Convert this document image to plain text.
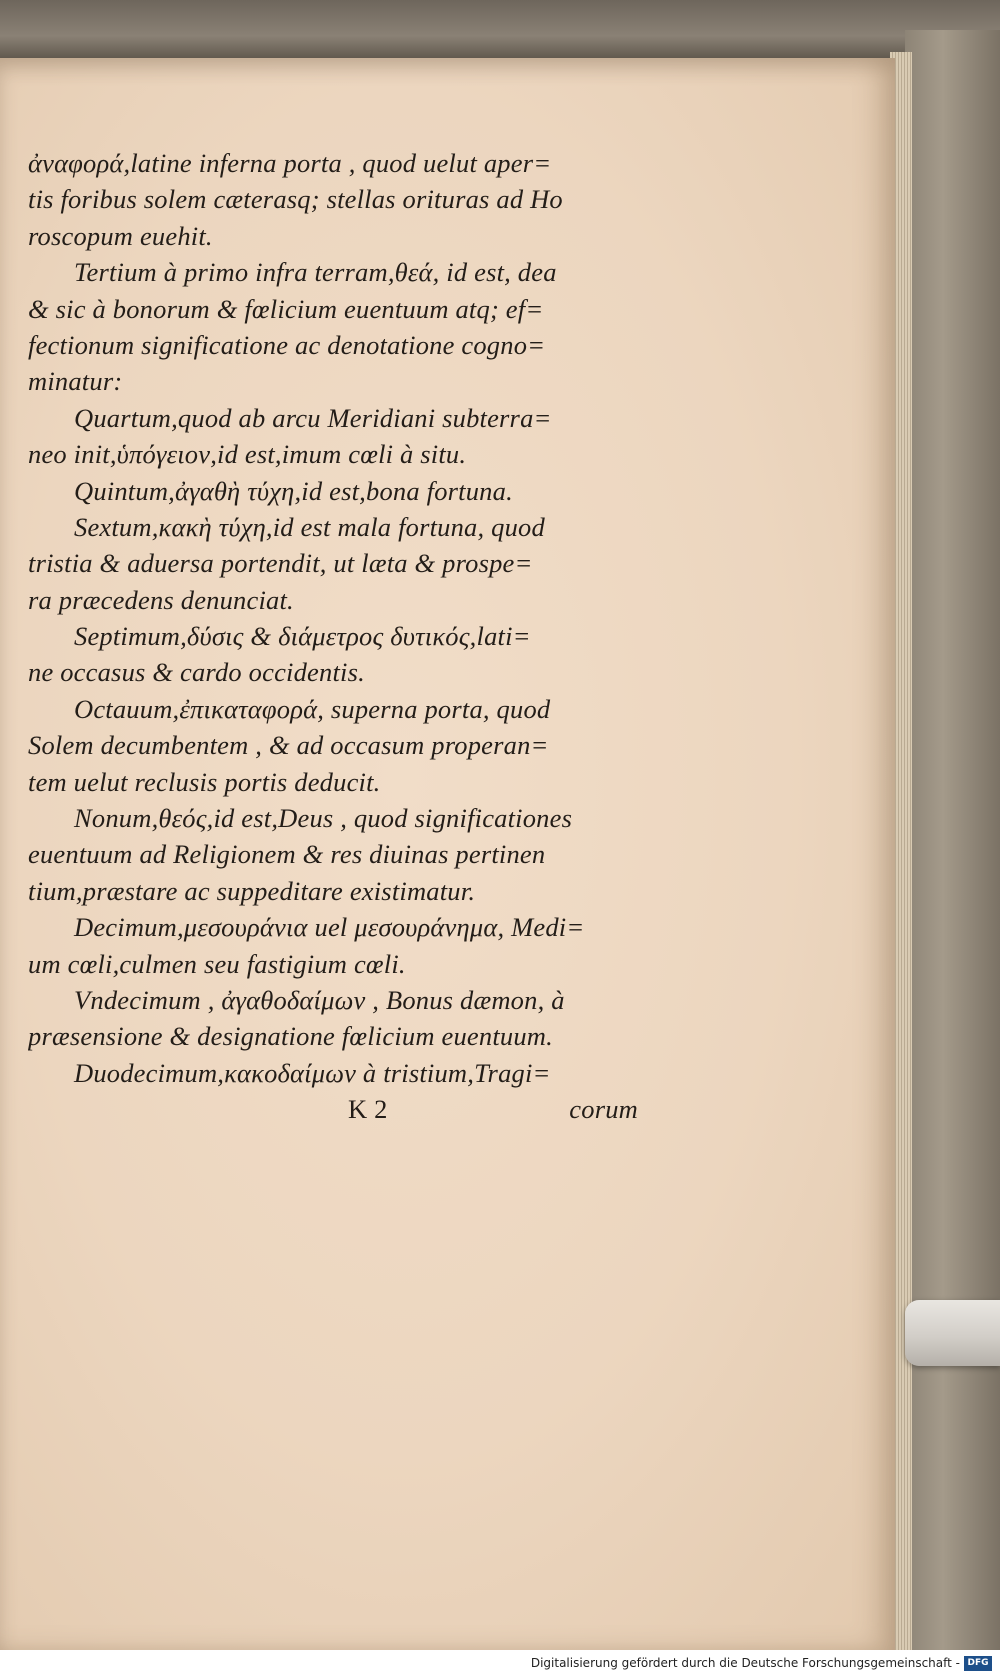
ἀναφορά,latine inferna porta , quod uelut aper=
tis foribus solem cæterasq; stellas orituras ad Ho
roscopum euehit.
Tertium à primo infra terram,θεά, id est, dea
& sic à bonorum & fœlicium euentuum atq; ef=
fectionum significatione ac denotatione cogno=
minatur:
Quartum,quod ab arcu Meridiani subterra=
neo init,ὑπόγειον,id est,imum cœli à situ.
Quintum,ἀγαθὴ τύχη,id est,bona fortuna.
Sextum,κακὴ τύχη,id est mala fortuna, quod
tristia & aduersa portendit, ut læta & prospe=
ra præcedens denunciat.
Septimum,δύσις & διάμετρος δυτικός,lati=
ne occasus & cardo occidentis.
Octauum,ἐπικαταφορά, superna porta, quod
Solem decumbentem , & ad occasum properan=
tem uelut reclusis portis deducit.
Nonum,θεός,id est,Deus , quod significationes
euentuum ad Religionem & res diuinas pertinen
tium,præstare ac suppeditare existimatur.
Decimum,μεσουράνια uel μεσουράνημα, Medi=
um cœli,culmen seu fastigium cœli.
Vndecimum , ἀγαθοδαίμων , Bonus dæmon, à
præsensione & designatione fœlicium euentuum.
Duodecimum,κακοδαίμων à tristium,Tragi=
K 2	corum
Digitalisierung gefördert durch die Deutsche Forschungsgemeinschaft - DFG
